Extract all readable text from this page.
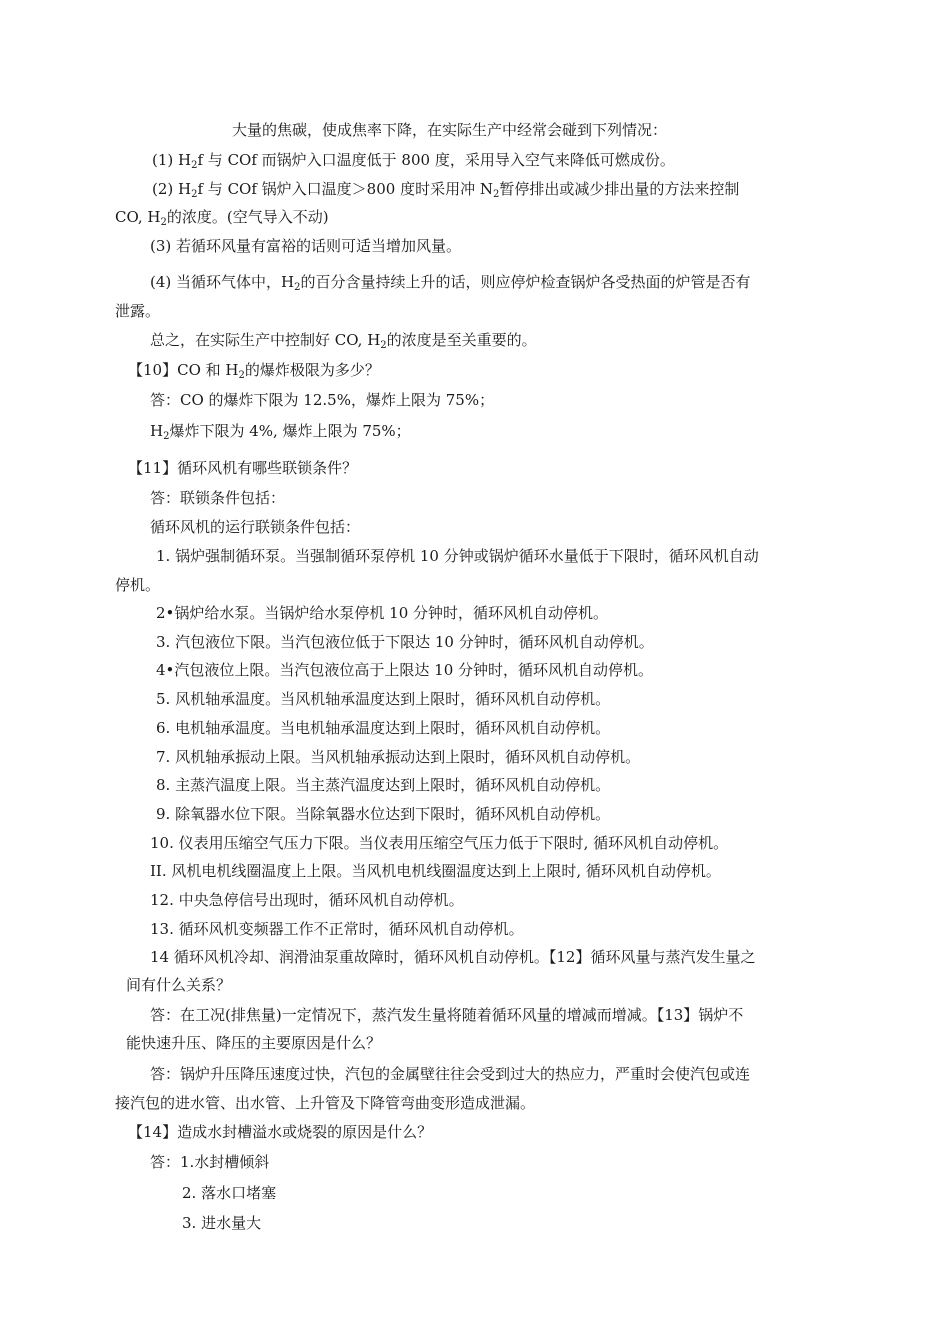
大量的焦碳，使成焦率下降，在实际生产中经常会碰到下列情况：
(1) $H_2f$ 与 COf 而锅炉入口温度低于 800 度，采用导入空气来降低可燃成份。
(2) $H_2f$ 与 COf 锅炉入口温度＞800 度时采用冲 $N_2$暂停排出或减少排出量的方法来控制
CO, $H_2$的浓度。(空气导入不动)
(3) 若循环风量有富裕的话则可适当增加风量。
(4) 当循环气体中，$H_2$的百分含量持续上升的话，则应停炉检查锅炉各受热面的炉管是否有
泄露。
总之，在实际生产中控制好 CO, $H_2$的浓度是至关重要的。
【10】CO 和 $H_2$的爆炸极限为多少？
答：CO 的爆炸下限为 12.5%，爆炸上限为 75%；
$H_2$爆炸下限为 4%, 爆炸上限为 75%；
【11】循环风机有哪些联锁条件？
答：联锁条件包括：
循环风机的运行联锁条件包括：
1. 锅炉强制循环泵。当强制循环泵停机 10 分钟或锅炉循环水量低于下限时，循环风机自动
停机。
2•锅炉给水泵。当锅炉给水泵停机 10 分钟时，循环风机自动停机。
3. 汽包液位下限。当汽包液位低于下限达 10 分钟时，循环风机自动停机。
4•汽包液位上限。当汽包液位高于上限达 10 分钟时，循环风机自动停机。
5. 风机轴承温度。当风机轴承温度达到上限时，循环风机自动停机。
6. 电机轴承温度。当电机轴承温度达到上限时，循环风机自动停机。
7. 风机轴承振动上限。当风机轴承振动达到上限时，循环风机自动停机。
8. 主蒸汽温度上限。当主蒸汽温度达到上限时，循环风机自动停机。
9. 除氧器水位下限。当除氧器水位达到下限时，循环风机自动停机。
10. 仪表用压缩空气压力下限。当仪表用压缩空气压力低于下限时, 循环风机自动停机。
II. 风机电机线圈温度上上限。当风机电机线圈温度达到上上限时, 循环风机自动停机。
12. 中央急停信号出现时，循环风机自动停机。
13. 循环风机变频器工作不正常时，循环风机自动停机。
14 循环风机冷却、润滑油泵重故障时，循环风机自动停机。【12】循环风量与蒸汽发生量之
间有什么关系？
答：在工况(排焦量)一定情况下，蒸汽发生量将随着循环风量的增减而增减。【13】锅炉不
能快速升压、降压的主要原因是什么？
答：锅炉升压降压速度过快，汽包的金属壁往往会受到过大的热应力，严重时会使汽包或连
接汽包的进水管、出水管、上升管及下降管弯曲变形造成泄漏。
【14】造成水封槽溢水或烧裂的原因是什么？
答：1.水封槽倾斜
2. 落水口堵塞
3. 进水量大
